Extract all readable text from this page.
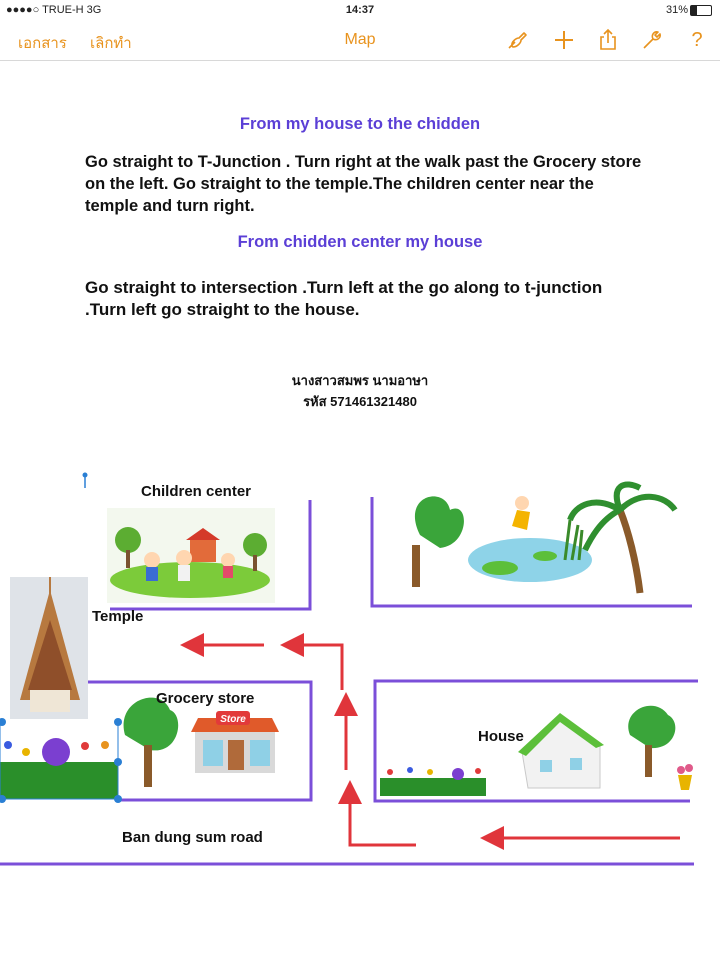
●●●●○ TRUE-H 3G	14:37	31%
เอกสาร เลิกทำ	Map	?
From my house to the chidden
Go straight to T-Junction . Turn right at the walk past the Grocery store on the left. Go straight to the temple.The children center near the temple and turn right.
From chidden center my house
Go straight to intersection .Turn left at the go along to t-junction .Turn left go straight to the house.
นางสาวสมพร นามอาษา
รหัส 571461321480
Store
Children center
Temple
Grocery store
House
Ban dung sum road
